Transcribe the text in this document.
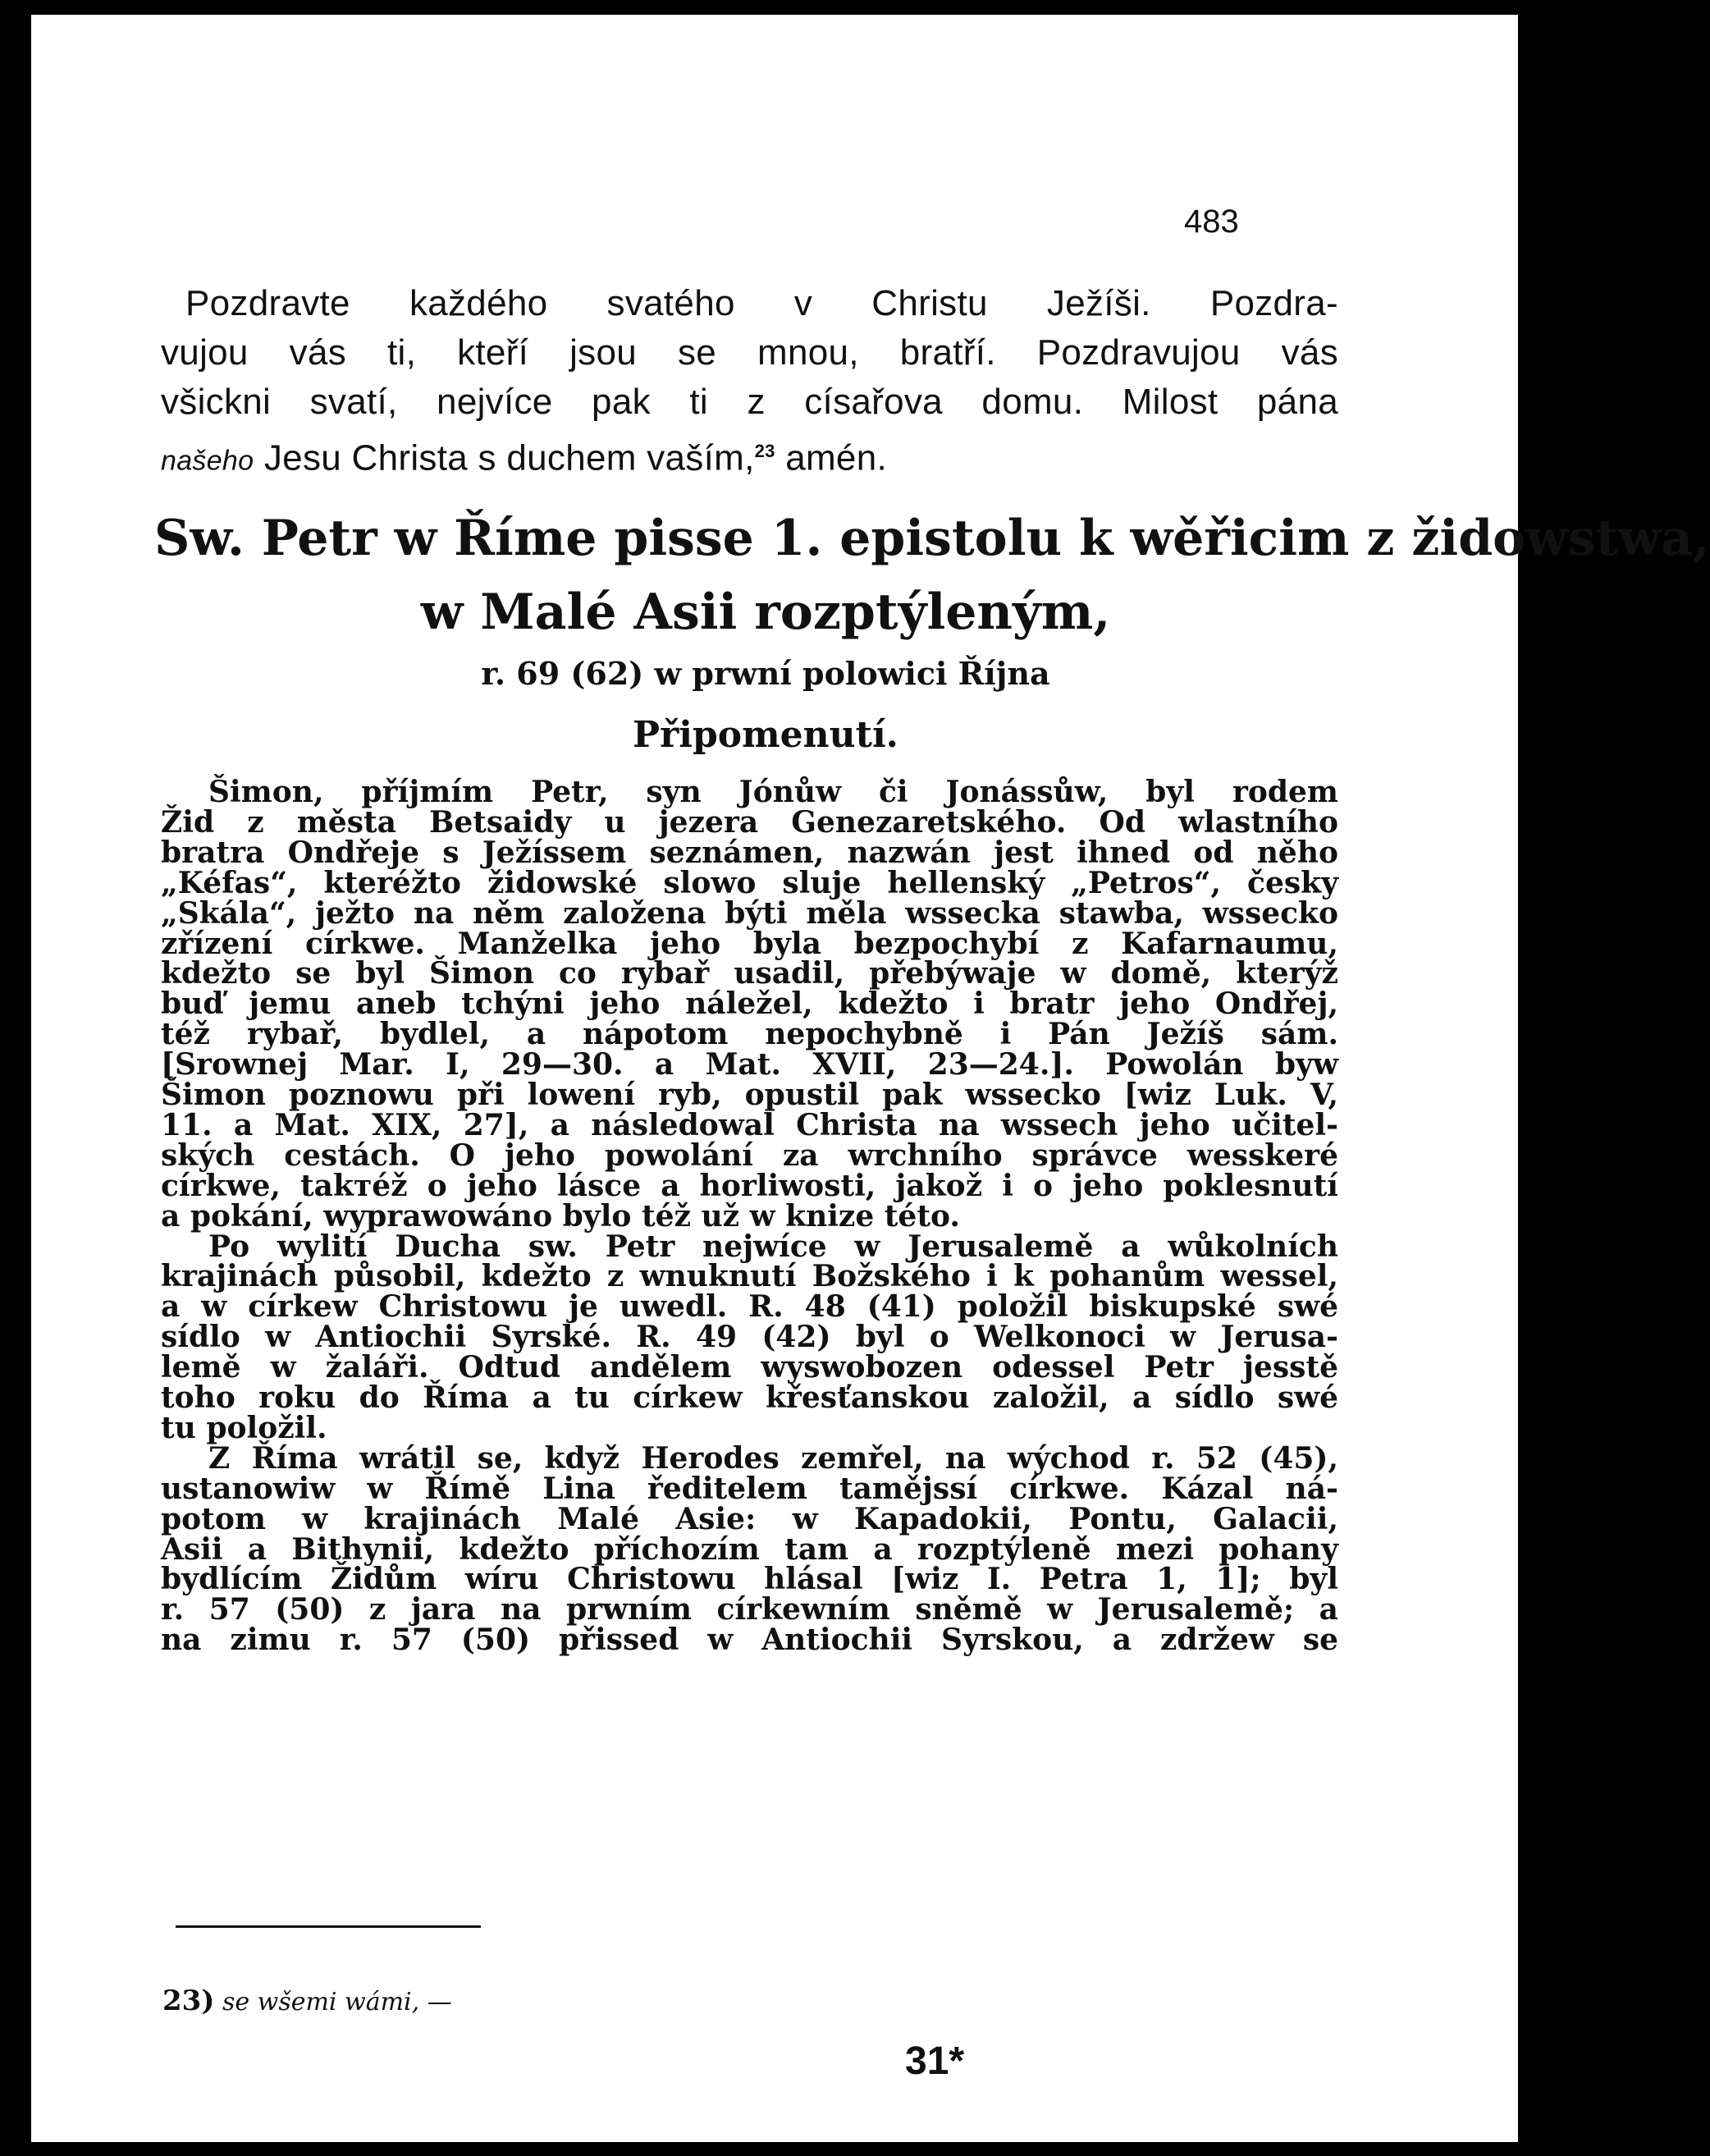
483
Pozdravte každého svatého v Christu Ježíši. Pozdra-
vujou vás ti, kteří jsou se mnou, bratří. Pozdravujou vás
všickni svatí, nejvíce pak ti z císařova domu. Milost pána
našeho Jesu Christa s duchem vaším,$^{23}$ amén.
Sw. Petr w Říme pisse 1. epistolu k wěřicim z židowstwa,
w Malé Asii rozptýleným,
r. 69 (62) w prwní polowici Října
Připomenutí.
Šimon, příjmím Petr, syn Jónůw či Jonássůw, byl rodem
Žid z města Betsaidy u jezera Genezaretského. Od wlastního
bratra Ondřeje s Ježíssem seznámen, nazwán jest ihned od něho
„Kéfas“, kteréžto židowské slowo sluje hellenský „Petros“, česky
„Skála“, ježto na něm založena býti měla wssecka stawba, wssecko
zřízení církwe. Manželka jeho byla bezpochybí z Kafarnaumu,
kdežto se byl Šimon co rybař usadil, přebýwaje w domě, kterýž
buď jemu aneb tchýni jeho náležel, kdežto i bratr jeho Ondřej,
též rybař, bydlel, a nápotom nepochybně i Pán Ježíš sám.
[Srownej Mar. I, 29—30. a Mat. XVII, 23—24.]. Powolán byw
Šimon poznowu při lowení ryb, opustil pak wssecko [wiz Luk. V,
11. a Mat. XIX, 27], a následowal Christa na wssech jeho učitel-
ských cestách. O jeho powolání za wrchního správce wesskeré
církwe, takтéž o jeho lásce a horliwosti, jakož i o jeho poklesnutí
a pokání, wyprawowáno bylo též už w knize této.
Po wylití Ducha sw. Petr nejwíce w Jerusalemě a wůkolních
krajinách působil, kdežto z wnuknutí Božského i k pohanům wessel,
a w církew Christowu je uwedl. R. 48 (41) položil biskupské swé
sídlo w Antiochii Syrské. R. 49 (42) byl o Welkonoci w Jerusa-
lemě w žaláři. Odtud andělem wyswobozen odessel Petr jesstě
toho roku do Říma a tu církew křesťanskou založil, a sídlo swé
tu položil.
Z Říma wrátil se, když Herodes zemřel, na wýchod r. 52 (45),
ustanowiw w Římě Lina ředitelem tamějssí církwe. Kázal ná-
potom w krajinách Malé Asie: w Kapadokii, Pontu, Galacii,
Asii a Bithynii, kdežto příchozím tam a rozptýleně mezi pohany
bydlícím Židům wíru Christowu hlásal [wiz I. Petra 1, 1]; byl
r. 57 (50) z jara na prwním církewním sněmě w Jerusalemě; a
na zimu r. 57 (50) přissed w Antiochii Syrskou, a zdržew se
23) se wšemi wámi, —
31*
